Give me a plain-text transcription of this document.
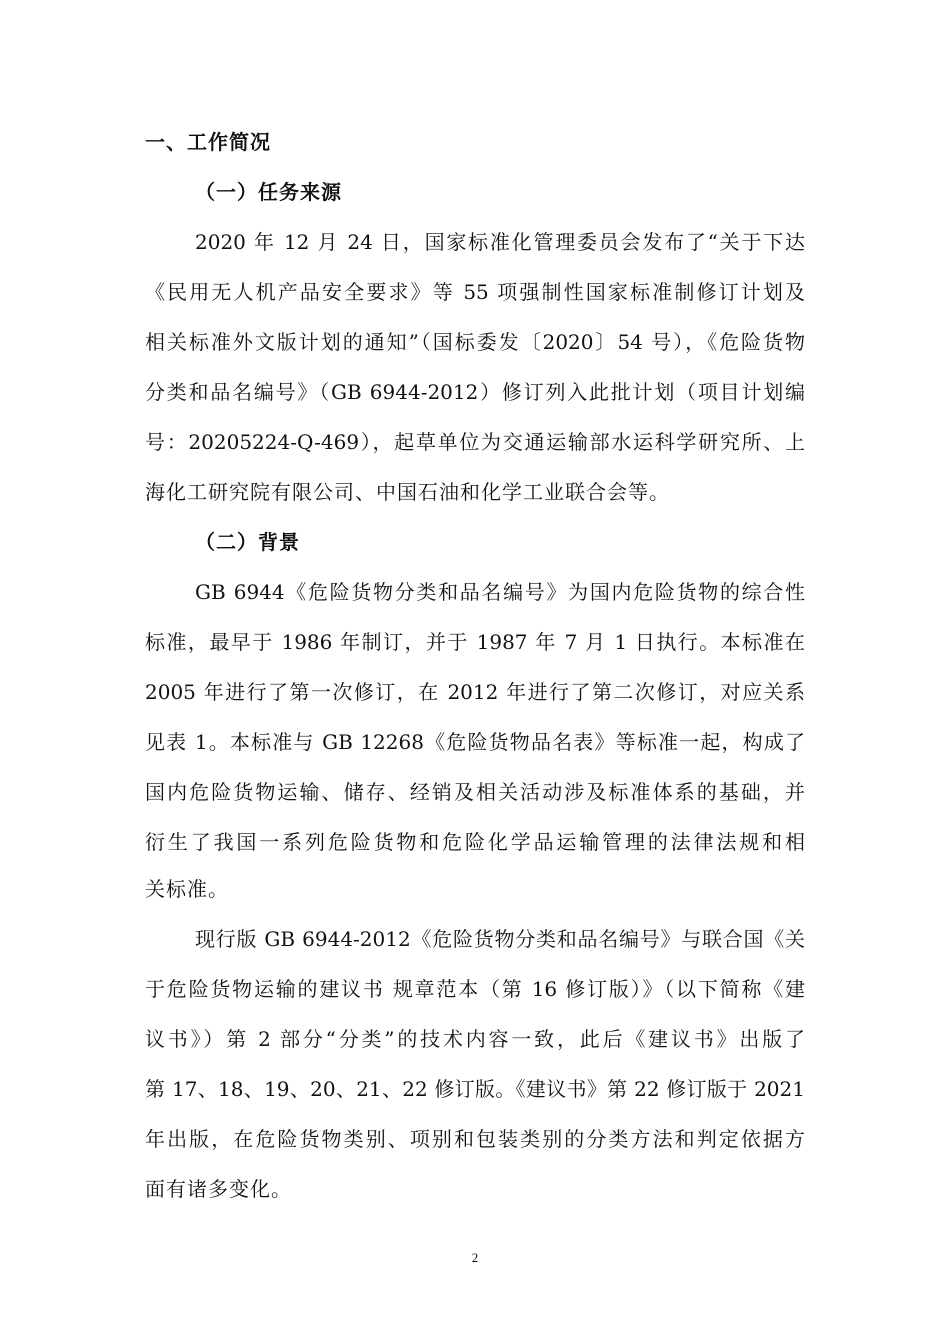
一、工作简况
（一）任务来源

2020 年 12 月 24 日，国家标准化管理委员会发布了“关于下达

《民用无人机产品安全要求》等 55 项强制性国家标准制修订计划及

相关标准外文版计划的通知”（国标委发〔2020〕54 号），《危险货物

分类和品名编号》（GB 6944-2012）修订列入此批计划（项目计划编

号：20205224-Q-469），起草单位为交通运输部水运科学研究所、上

海化工研究院有限公司、中国石油和化学工业联合会等。

（二）背景

GB 6944《危险货物分类和品名编号》为国内危险货物的综合性

标准，最早于 1986 年制订，并于 1987 年 7 月 1 日执行。本标准在

2005 年进行了第一次修订，在 2012 年进行了第二次修订，对应关系

见表 1。本标准与 GB 12268《危险货物品名表》等标准一起，构成了

国内危险货物运输、储存、经销及相关活动涉及标准体系的基础，并

衍生了我国一系列危险货物和危险化学品运输管理的法律法规和相

关标准。

现行版 GB 6944-2012《危险货物分类和品名编号》与联合国《关

于危险货物运输的建议书 规章范本（第 16 修订版）》（以下简称《建

议书》）第 2 部分“分类”的技术内容一致，此后《建议书》出版了

第 17、18、19、20、21、22 修订版。《建议书》第 22 修订版于 2021

年出版，在危险货物类别、项别和包装类别的分类方法和判定依据方

面有诸多变化。

2
